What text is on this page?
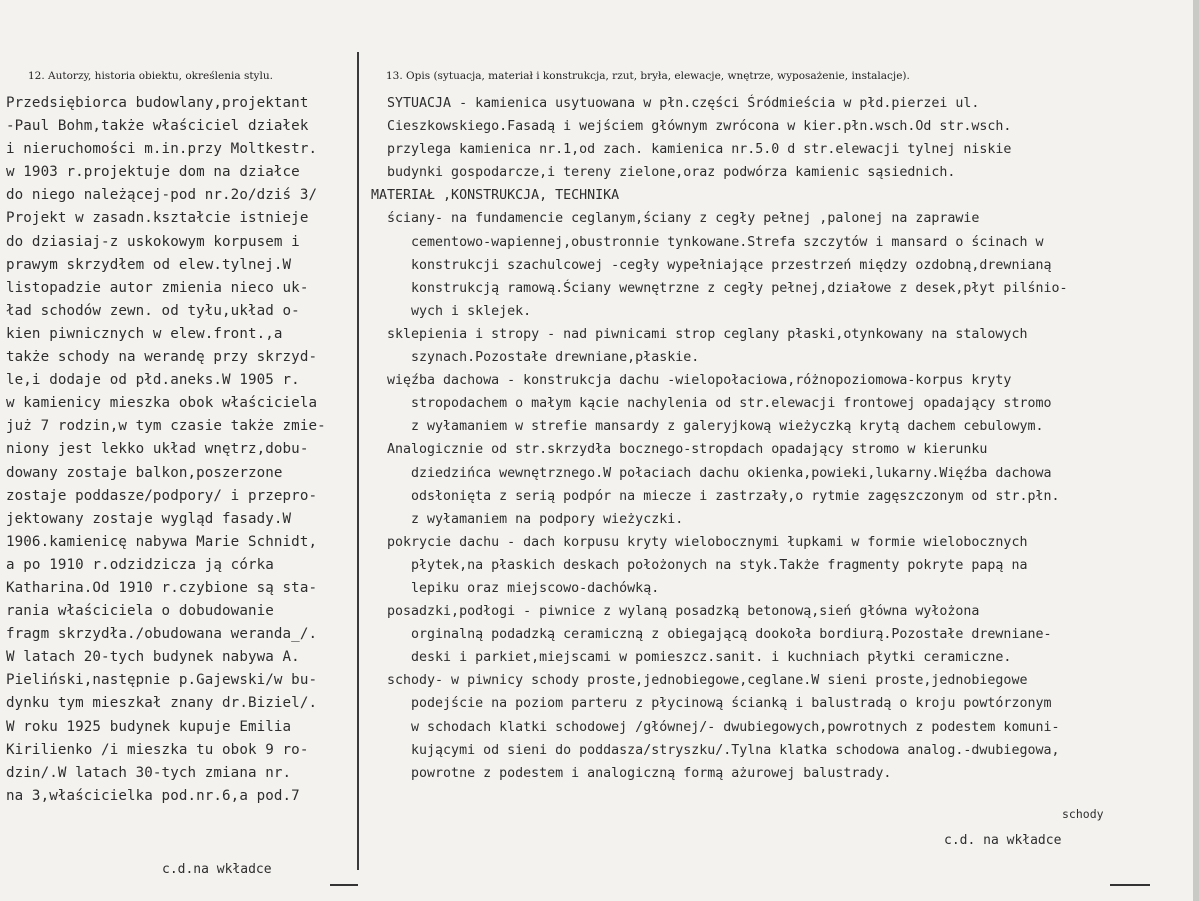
12. Autorzy, historia obiektu, określenia stylu.	13. Opis (sytuacja, materiał i konstrukcja, rzut, bryła, elewacje, wnętrze, wyposażenie, instalacje).
Przedsiębiorca budowlany,projektant
-Paul Bohm,także właściciel działek
i nieruchomości m.in.przy Moltkestr.
w 1903 r.projektuje dom na działce
do niego należącej-pod nr.2o/dziś 3/
Projekt w zasadn.kształcie istnieje
do dziasiaj-z uskokowym korpusem i
prawym skrzydłem od elew.tylnej.W
listopadzie autor zmienia nieco uk-
ład schodów zewn. od tyłu,układ o-
kien piwnicznych w elew.front.,a
także schody na werandę przy skrzyd-
le,i dodaje od płd.aneks.W 1905 r.
w kamienicy mieszka obok właściciela
już 7 rodzin,w tym czasie także zmie-
niony jest lekko układ wnętrz,dobu-
dowany zostaje balkon,poszerzone
zostaje poddasze/podpory/ i przepro-
jektowany zostaje wygląd fasady.W
1906.kamienicę nabywa Marie Schnidt,
a po 1910 r.odzidzicza ją córka
Katharina.Od 1910 r.czybione są sta-
rania właściciela o dobudowanie
fragm skrzydła./obudowana weranda_/.
W latach 20-tych budynek nabywa A.
Pieliński,następnie p.Gajewski/w bu-
dynku tym mieszkał znany dr.Biziel/.
W roku 1925 budynek kupuje Emilia
Kirilienko /i mieszka tu obok 9 ro-
dzin/.W latach 30-tych zmiana nr.
na 3,właścicielka pod.nr.6,a pod.7
SYTUACJA - kamienica usytuowana w płn.części Śródmieścia w płd.pierzei ul.
Cieszkowskiego.Fasadą i wejściem głównym zwrócona w kier.płn.wsch.Od str.wsch.
przylega kamienica nr.1,od zach. kamienica nr.5.0 d str.elewacji tylnej niskie
budynki gospodarcze,i tereny zielone,oraz podwórza kamienic sąsiednich.
MATERIAŁ ,KONSTRUKCJA, TECHNIKA
ściany- na fundamencie ceglanym,ściany z cegły pełnej ,palonej na zaprawie
cementowo-wapiennej,obustronnie tynkowane.Strefa szczytów i mansard o ścinach w
konstrukcji szachulcowej -cegły wypełniające przestrzeń między ozdobną,drewnianą
konstrukcją ramową.Ściany wewnętrzne z cegły pełnej,działowe z desek,płyt pilśnio-
wych i sklejek.
sklepienia i stropy - nad piwnicami strop ceglany płaski,otynkowany na stalowych
szynach.Pozostałe drewniane,płaskie.
więźba dachowa - konstrukcja dachu -wielopołaciowa,różnopoziomowa-korpus kryty
stropodachem o małym kącie nachylenia od str.elewacji frontowej opadający stromo
z wyłamaniem w strefie mansardy z galeryjkową wieżyczką krytą dachem cebulowym.
Analogicznie od str.skrzydła bocznego-stropdach opadający stromo w kierunku
dziedzińca wewnętrznego.W połaciach dachu okienka,powieki,lukarny.Więźba dachowa
odsłonięta z serią podpór na miecze i zastrzały,o rytmie zagęszczonym od str.płn.
z wyłamaniem na podpory wieżyczki.
pokrycie dachu - dach korpusu kryty wielobocznymi łupkami w formie wielobocznych
płytek,na płaskich deskach położonych na styk.Także fragmenty pokryte papą na
lepiku oraz miejscowo-dachówką.
posadzki,podłogi - piwnice z wylaną posadzką betonową,sień główna wyłożona
orginalną podadzką ceramiczną z obiegającą dookoła bordiurą.Pozostałe drewniane-
deski i parkiet,miejscami w pomieszcz.sanit. i kuchniach płytki ceramiczne.
schody- w piwnicy schody proste,jednobiegowe,ceglane.W sieni proste,jednobiegowe
podejście na poziom parteru z płycinową ścianką i balustradą o kroju powtórzonym
w schodach klatki schodowej /głównej/- dwubiegowych,powrotnych z podestem komuni-
kującymi od sieni do poddasza/stryszku/.Tylna klatka schodowa analog.-dwubiegowa,
powrotne z podestem i analogiczną formą ażurowej balustrady.
schody
c.d.na wkładce
c.d. na wkładce
